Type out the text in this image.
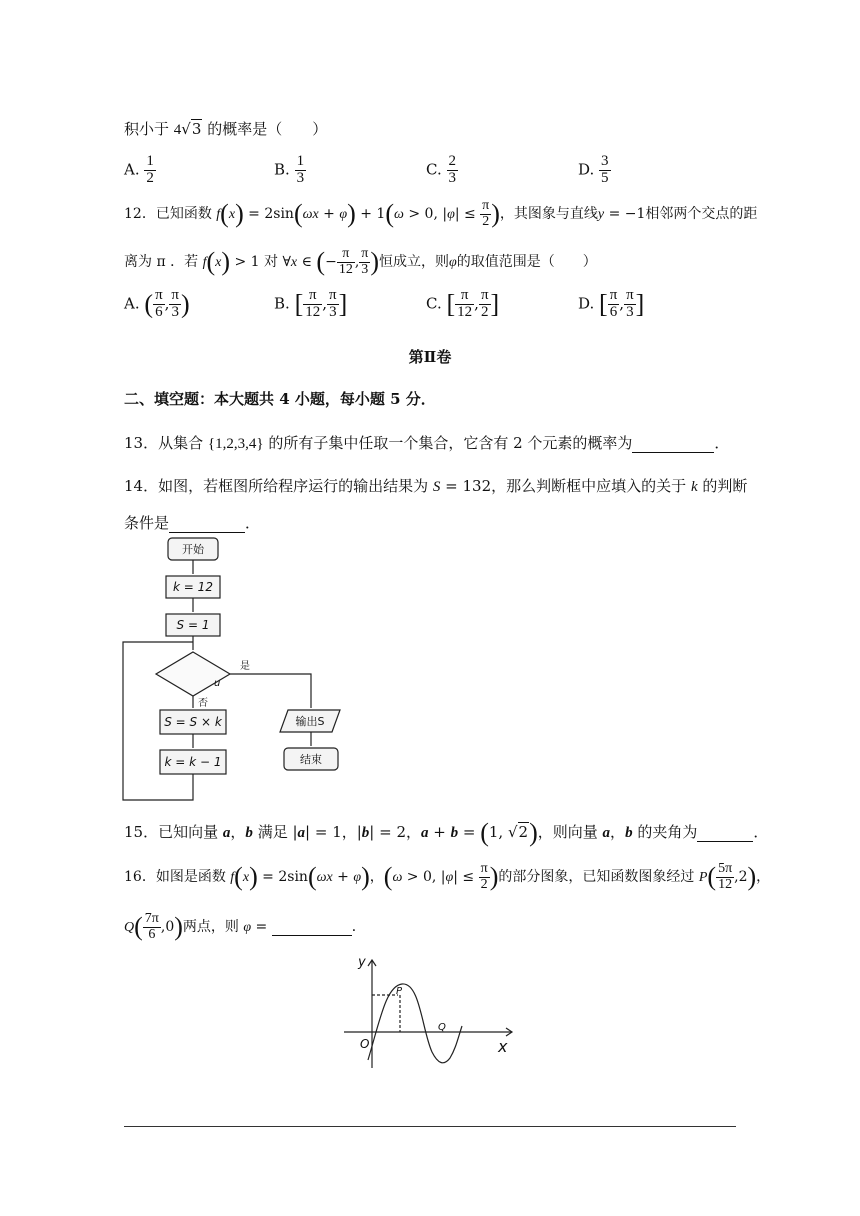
积小于 4√3 的概率是（　　）
A. $\frac{1}{2}$	B. $\frac{1}{3}$	C. $\frac{2}{3}$	D. $\frac{3}{5}$
12．已知函数 f(x) = 2sin(ωx + φ) + 1(ω > 0, $|\varphi| \le \frac{\pi}{2}$ )，其图象与直线y = −1相邻两个交点的距
离为 π ．若 f(x) > 1 对 ∀x ∈ (− $\frac{\pi}{12}$ , $\frac{\pi}{3}$ )恒成立，则φ的取值范围是（　　）
A. ( $\frac{\pi}{6}$ , $\frac{\pi}{3}$ )	B. [ $\frac{\pi}{12}$ , $\frac{\pi}{3}$ ]	C. [ $\frac{\pi}{12}$ , $\frac{\pi}{2}$ ]	D. [ $\frac{\pi}{6}$ , $\frac{\pi}{3}$ ]
第Ⅱ卷
二、填空题：本大题共 4 小题，每小题 5 分．
13．从集合 {1,2,3,4} 的所有子集中任取一个集合，它含有 2 个元素的概率为	．
14．如图，若框图所给程序运行的输出结果为 S = 132，那么判断框中应填入的关于 k 的判断
条件是	．
开始
k = 12
S = 1
是
u
否
S = S × k
k = k − 1
输出S
结束
15．已知向量 a，b 满足 |a| = 1，|b| = 2，a + b = (1, √2)，则向量 a，b 的夹角为	．
16．如图是函数 f(x) = 2sin(ωx + φ)，(ω > 0, $|\varphi| \le \frac{\pi}{2}$ )的部分图象，已知函数图象经过 $P( \frac{5\pi}{12} ,2)$，
$Q( \frac{7\pi}{6} ,0)$两点，则 φ =	．
y
x
O
P
Q
